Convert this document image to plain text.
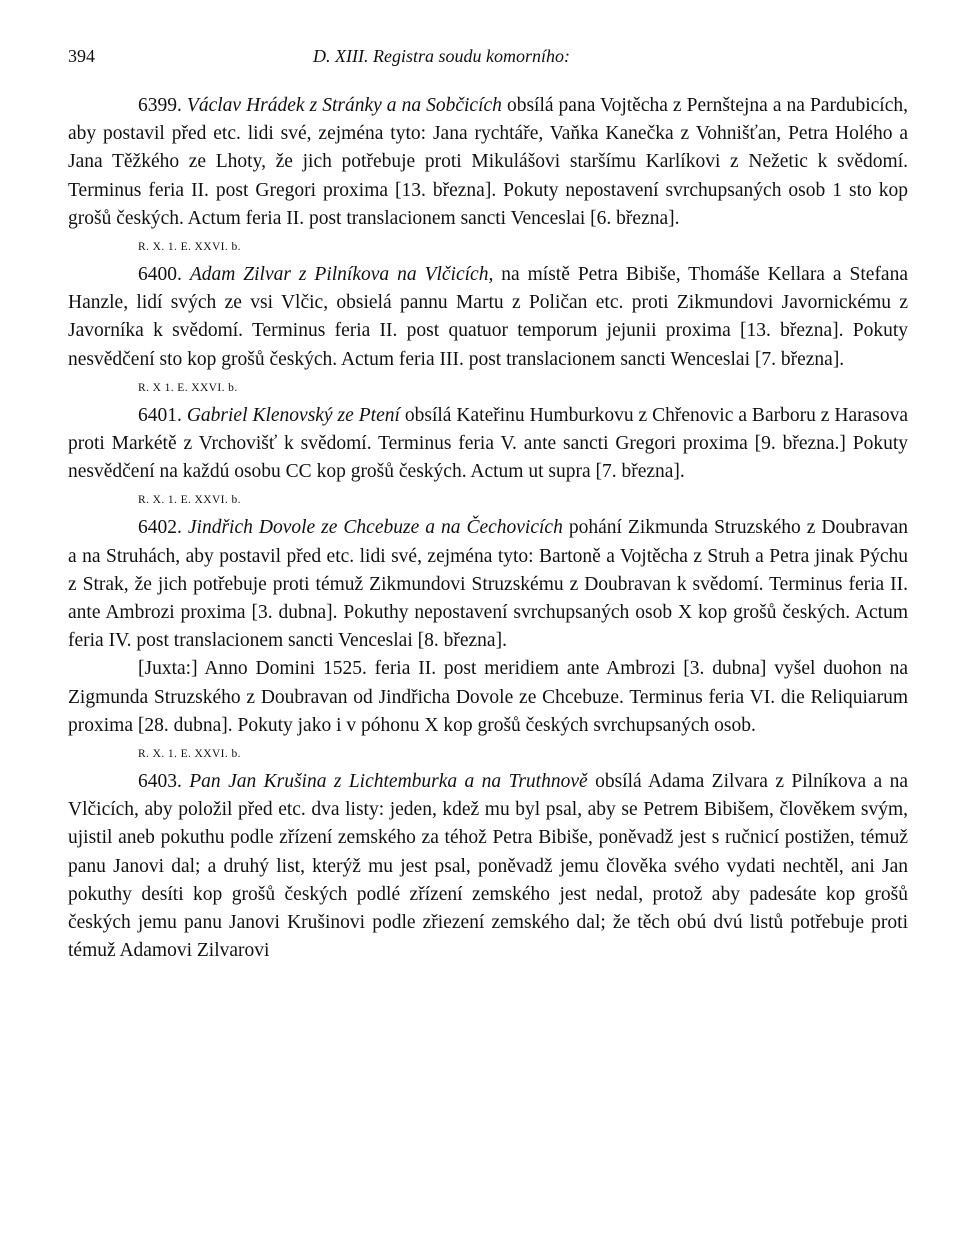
394	D. XIII. Registra soudu komorního:

6399. Václav Hrádek z Stránky a na Sobčicích obsílá pana Vojtěcha z Pernštejna a na Pardubicích, aby postavil před etc. lidi své, zejména tyto: Jana rychtáře, Vaňka Kanečka z Vohnišťan, Petra Holého a Jana Těžkého ze Lhoty, že jich potřebuje proti Mikulášovi staršímu Karlíkovi z Nežetic k svědomí. Terminus feria II. post Gregori proxima [13. března]. Pokuty nepostavení svrchupsaných osob 1 sto kop grošů českých. Actum feria II. post translacionem sancti Venceslai [6. března].

R. X. 1. E. XXVI. b.

6400. Adam Zilvar z Pilníkova na Vlčicích, na místě Petra Bibiše, Thomáše Kellara a Stefana Hanzle, lidí svých ze vsi Vlčic, obsielá pannu Martu z Poličan etc. proti Zikmundovi Javornickému z Javorníka k svědomí. Terminus feria II. post quatuor temporum jejunii proxima [13. března]. Pokuty nesvědčení sto kop grošů českých. Actum feria III. post translacionem sancti Wenceslai [7. března].

R. X 1. E. XXVI. b.

6401. Gabriel Klenovský ze Ptení obsílá Kateřinu Humburkovu z Chřenovic a Barboru z Harasova proti Markétě z Vrchovišť k svědomí. Terminus feria V. ante sancti Gregori proxima [9. března.] Pokuty nesvědčení na každú osobu CC kop grošů českých. Actum ut supra [7. března].

R. X. 1. E. XXVI. b.

6402. Jindřich Dovole ze Chcebuze a na Čechovicích pohání Zikmunda Struzského z Doubravan a na Struhách, aby postavil před etc. lidi své, zejména tyto: Bartoně a Vojtěcha z Struh a Petra jinak Pýchu z Strak, že jich potřebuje proti témuž Zikmundovi Struzskému z Doubravan k svědomí. Terminus feria II. ante Ambrozi proxima [3. dubna]. Pokuthy nepostavení svrchupsaných osob X kop grošů českých. Actum feria IV. post translacionem sancti Venceslai [8. března].

[Juxta:] Anno Domini 1525. feria II. post meridiem ante Ambrozi [3. dubna] vyšel duohon na Zigmunda Struzského z Doubravan od Jindřicha Dovole ze Chcebuze. Terminus feria VI. die Reliquiarum proxima [28. dubna]. Pokuty jako i v póhonu X kop grošů českých svrchupsaných osob.

R. X. 1. E. XXVI. b.

6403. Pan Jan Krušina z Lichtemburka a na Truthnově obsílá Adama Zilvara z Pilníkova a na Vlčicích, aby položil před etc. dva listy: jeden, kdež mu byl psal, aby se Petrem Bibišem, člověkem svým, ujistil aneb pokuthu podle zřízení zemského za téhož Petra Bibiše, poněvadž jest s ručnicí postižen, témuž panu Janovi dal; a druhý list, kterýž mu jest psal, poněvadž jemu člověka svého vydati nechtěl, ani Jan pokuthy desíti kop grošů českých podlé zřízení zemského jest nedal, protož aby padesáte kop grošů českých jemu panu Janovi Krušinovi podle zřiezení zemského dal; že těch obú dvú listů potřebuje proti témuž Adamovi Zilvarovi
